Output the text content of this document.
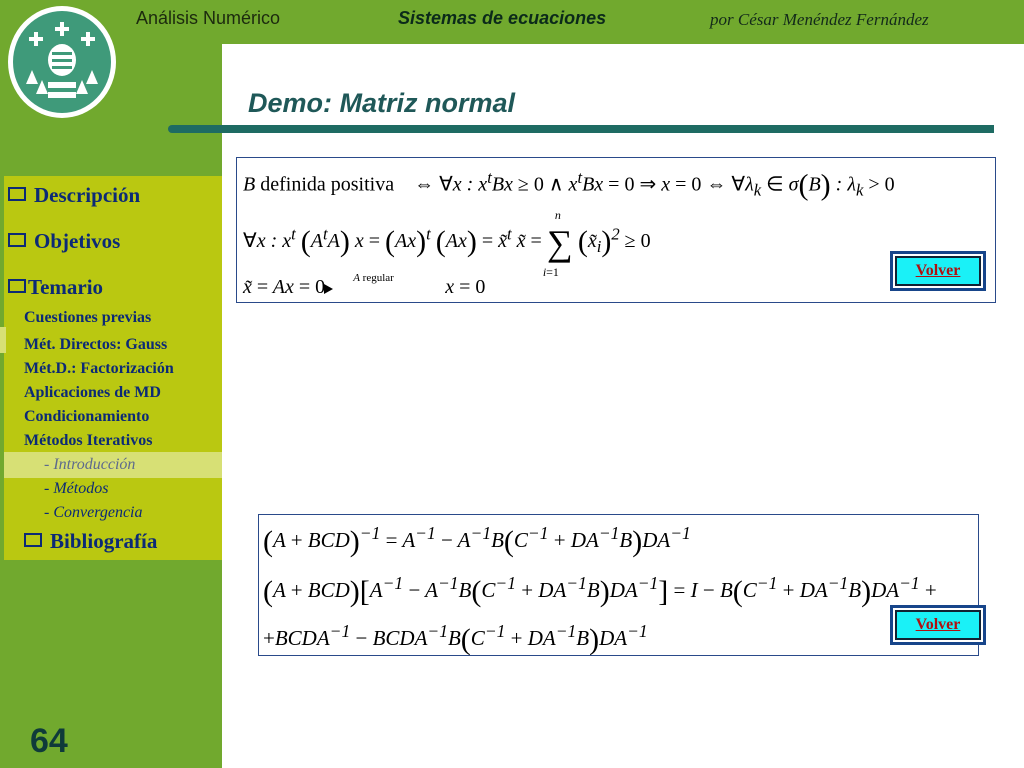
Análisis Numérico	Sistemas de ecuaciones	por César Menéndez Fernández
Demo: Matriz normal
Descripción
Objetivos
Temario
Cuestiones previas
Mét. Directos: Gauss
Mét.D.: Factorización
Aplicaciones de MD
Condicionamiento
Métodos Iterativos
- Introducción
- Métodos
- Convergencia
Bibliografía
64
B definida positiva ⇔ ∀x : $x^tBx \ge 0$ ∧ $x^tBx = 0$ ⇒ x = 0 ⇔ $\forall\lambda_k$ ∈ σ(B) : $\lambda_k > 0$
∀x : $x^t$ $(A^tA) x = (Ax)^t$ (Ax) = x̃$^t$ x̃ =
n
∑
i=1
$(x̃_i)^2 \ge 0$
x̃ = Ax = 0	A regular x = 0
Volver
$(A + BCD)^{-1} = A^{-1} - A^{-1}B(C^{-1} + DA^{-1}B)DA^{-1}$
$(A + BCD)[A^{-1} - A^{-1}B(C^{-1} + DA^{-1}B)DA^{-1}] = I - B(C^{-1} + DA^{-1}B)DA^{-1}$ +
$+BCDA^{-1}$ − $BCDA^{-1}B(C^{-1} + DA^{-1}B)DA^{-1}$	Volver
